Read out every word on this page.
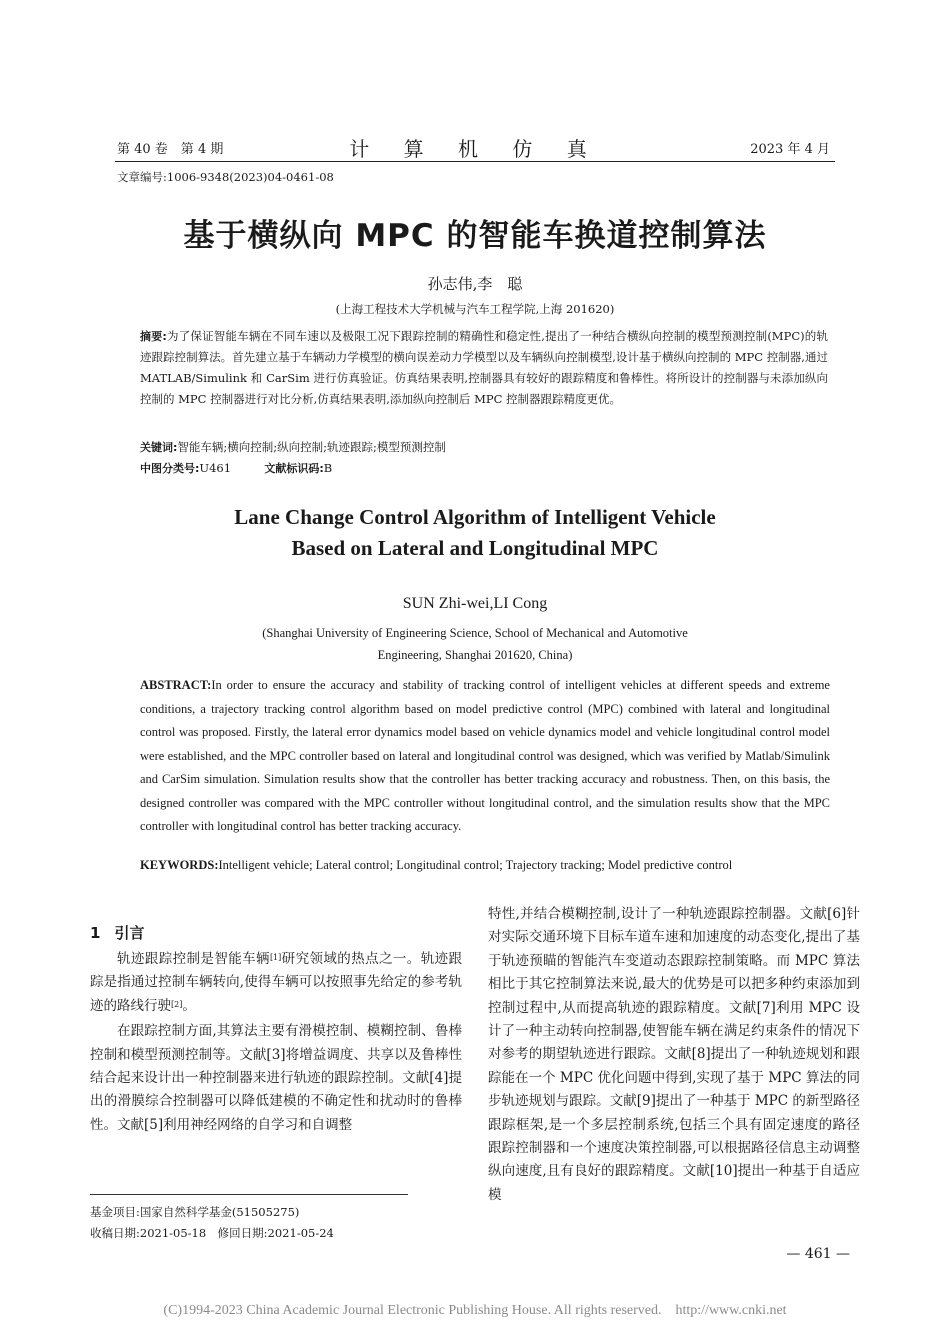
第 40 卷　第 4 期	计 算 机 仿 真	2023 年 4 月
文章编号:1006-9348(2023)04-0461-08
基于横纵向 MPC 的智能车换道控制算法
孙志伟,李　聪
(上海工程技术大学机械与汽车工程学院,上海 201620)
摘要:为了保证智能车辆在不同车速以及极限工况下跟踪控制的精确性和稳定性,提出了一种结合横纵向控制的模型预测控制(MPC)的轨迹跟踪控制算法。首先建立基于车辆动力学模型的横向误差动力学模型以及车辆纵向控制模型,设计基于横纵向控制的 MPC 控制器,通过 MATLAB/Simulink 和 CarSim 进行仿真验证。仿真结果表明,控制器具有较好的跟踪精度和鲁棒性。将所设计的控制器与未添加纵向控制的 MPC 控制器进行对比分析,仿真结果表明,添加纵向控制后 MPC 控制器跟踪精度更优。
关键词:智能车辆;横向控制;纵向控制;轨迹跟踪;模型预测控制
中图分类号:U461	文献标识码:B
Lane Change Control Algorithm of Intelligent Vehicle
Based on Lateral and Longitudinal MPC
SUN Zhi-wei,LI Cong
(Shanghai University of Engineering Science, School of Mechanical and Automotive
Engineering, Shanghai 201620, China)
ABSTRACT:In order to ensure the accuracy and stability of tracking control of intelligent vehicles at different speeds and extreme conditions, a trajectory tracking control algorithm based on model predictive control (MPC) combined with lateral and longitudinal control was proposed. Firstly, the lateral error dynamics model based on vehicle dynamics model and vehicle longitudinal control model were established, and the MPC controller based on lateral and longitudinal control was designed, which was verified by Matlab/Simulink and CarSim simulation. Simulation results show that the controller has better tracking accuracy and robustness. Then, on this basis, the designed controller was compared with the MPC controller without longitudinal control, and the simulation results show that the MPC controller with longitudinal control has better tracking accuracy.
KEYWORDS:Intelligent vehicle; Lateral control; Longitudinal control; Trajectory tracking; Model predictive control
1 引言

轨迹跟踪控制是智能车辆[1]研究领域的热点之一。轨迹跟踪是指通过控制车辆转向,使得车辆可以按照事先给定的参考轨迹的路线行驶[2]。

在跟踪控制方面,其算法主要有滑模控制、模糊控制、鲁棒控制和模型预测控制等。文献[3]将增益调度、共享以及鲁棒性结合起来设计出一种控制器来进行轨迹的跟踪控制。文献[4]提出的滑膜综合控制器可以降低建模的不确定性和扰动时的鲁棒性。文献[5]利用神经网络的自学习和自调整

特性,并结合模糊控制,设计了一种轨迹跟踪控制器。文献[6]针对实际交通环境下目标车道车速和加速度的动态变化,提出了基于轨迹预瞄的智能汽车变道动态跟踪控制策略。而 MPC 算法相比于其它控制算法来说,最大的优势是可以把多种约束添加到控制过程中,从而提高轨迹的跟踪精度。文献[7]利用 MPC 设计了一种主动转向控制器,使智能车辆在满足约束条件的情况下对参考的期望轨迹进行跟踪。文献[8]提出了一种轨迹规划和跟踪能在一个 MPC 优化问题中得到,实现了基于 MPC 算法的同步轨迹规划与跟踪。文献[9]提出了一种基于 MPC 的新型路径跟踪框架,是一个多层控制系统,包括三个具有固定速度的路径跟踪控制器和一个速度决策控制器,可以根据路径信息主动调整纵向速度,且有良好的跟踪精度。文献[10]提出一种基于自适应模

基金项目:国家自然科学基金(51505275)
收稿日期:2021-05-18　修回日期:2021-05-24
— 461 —
(C)1994-2023 China Academic Journal Electronic Publishing House. All rights reserved.　http://www.cnki.net
